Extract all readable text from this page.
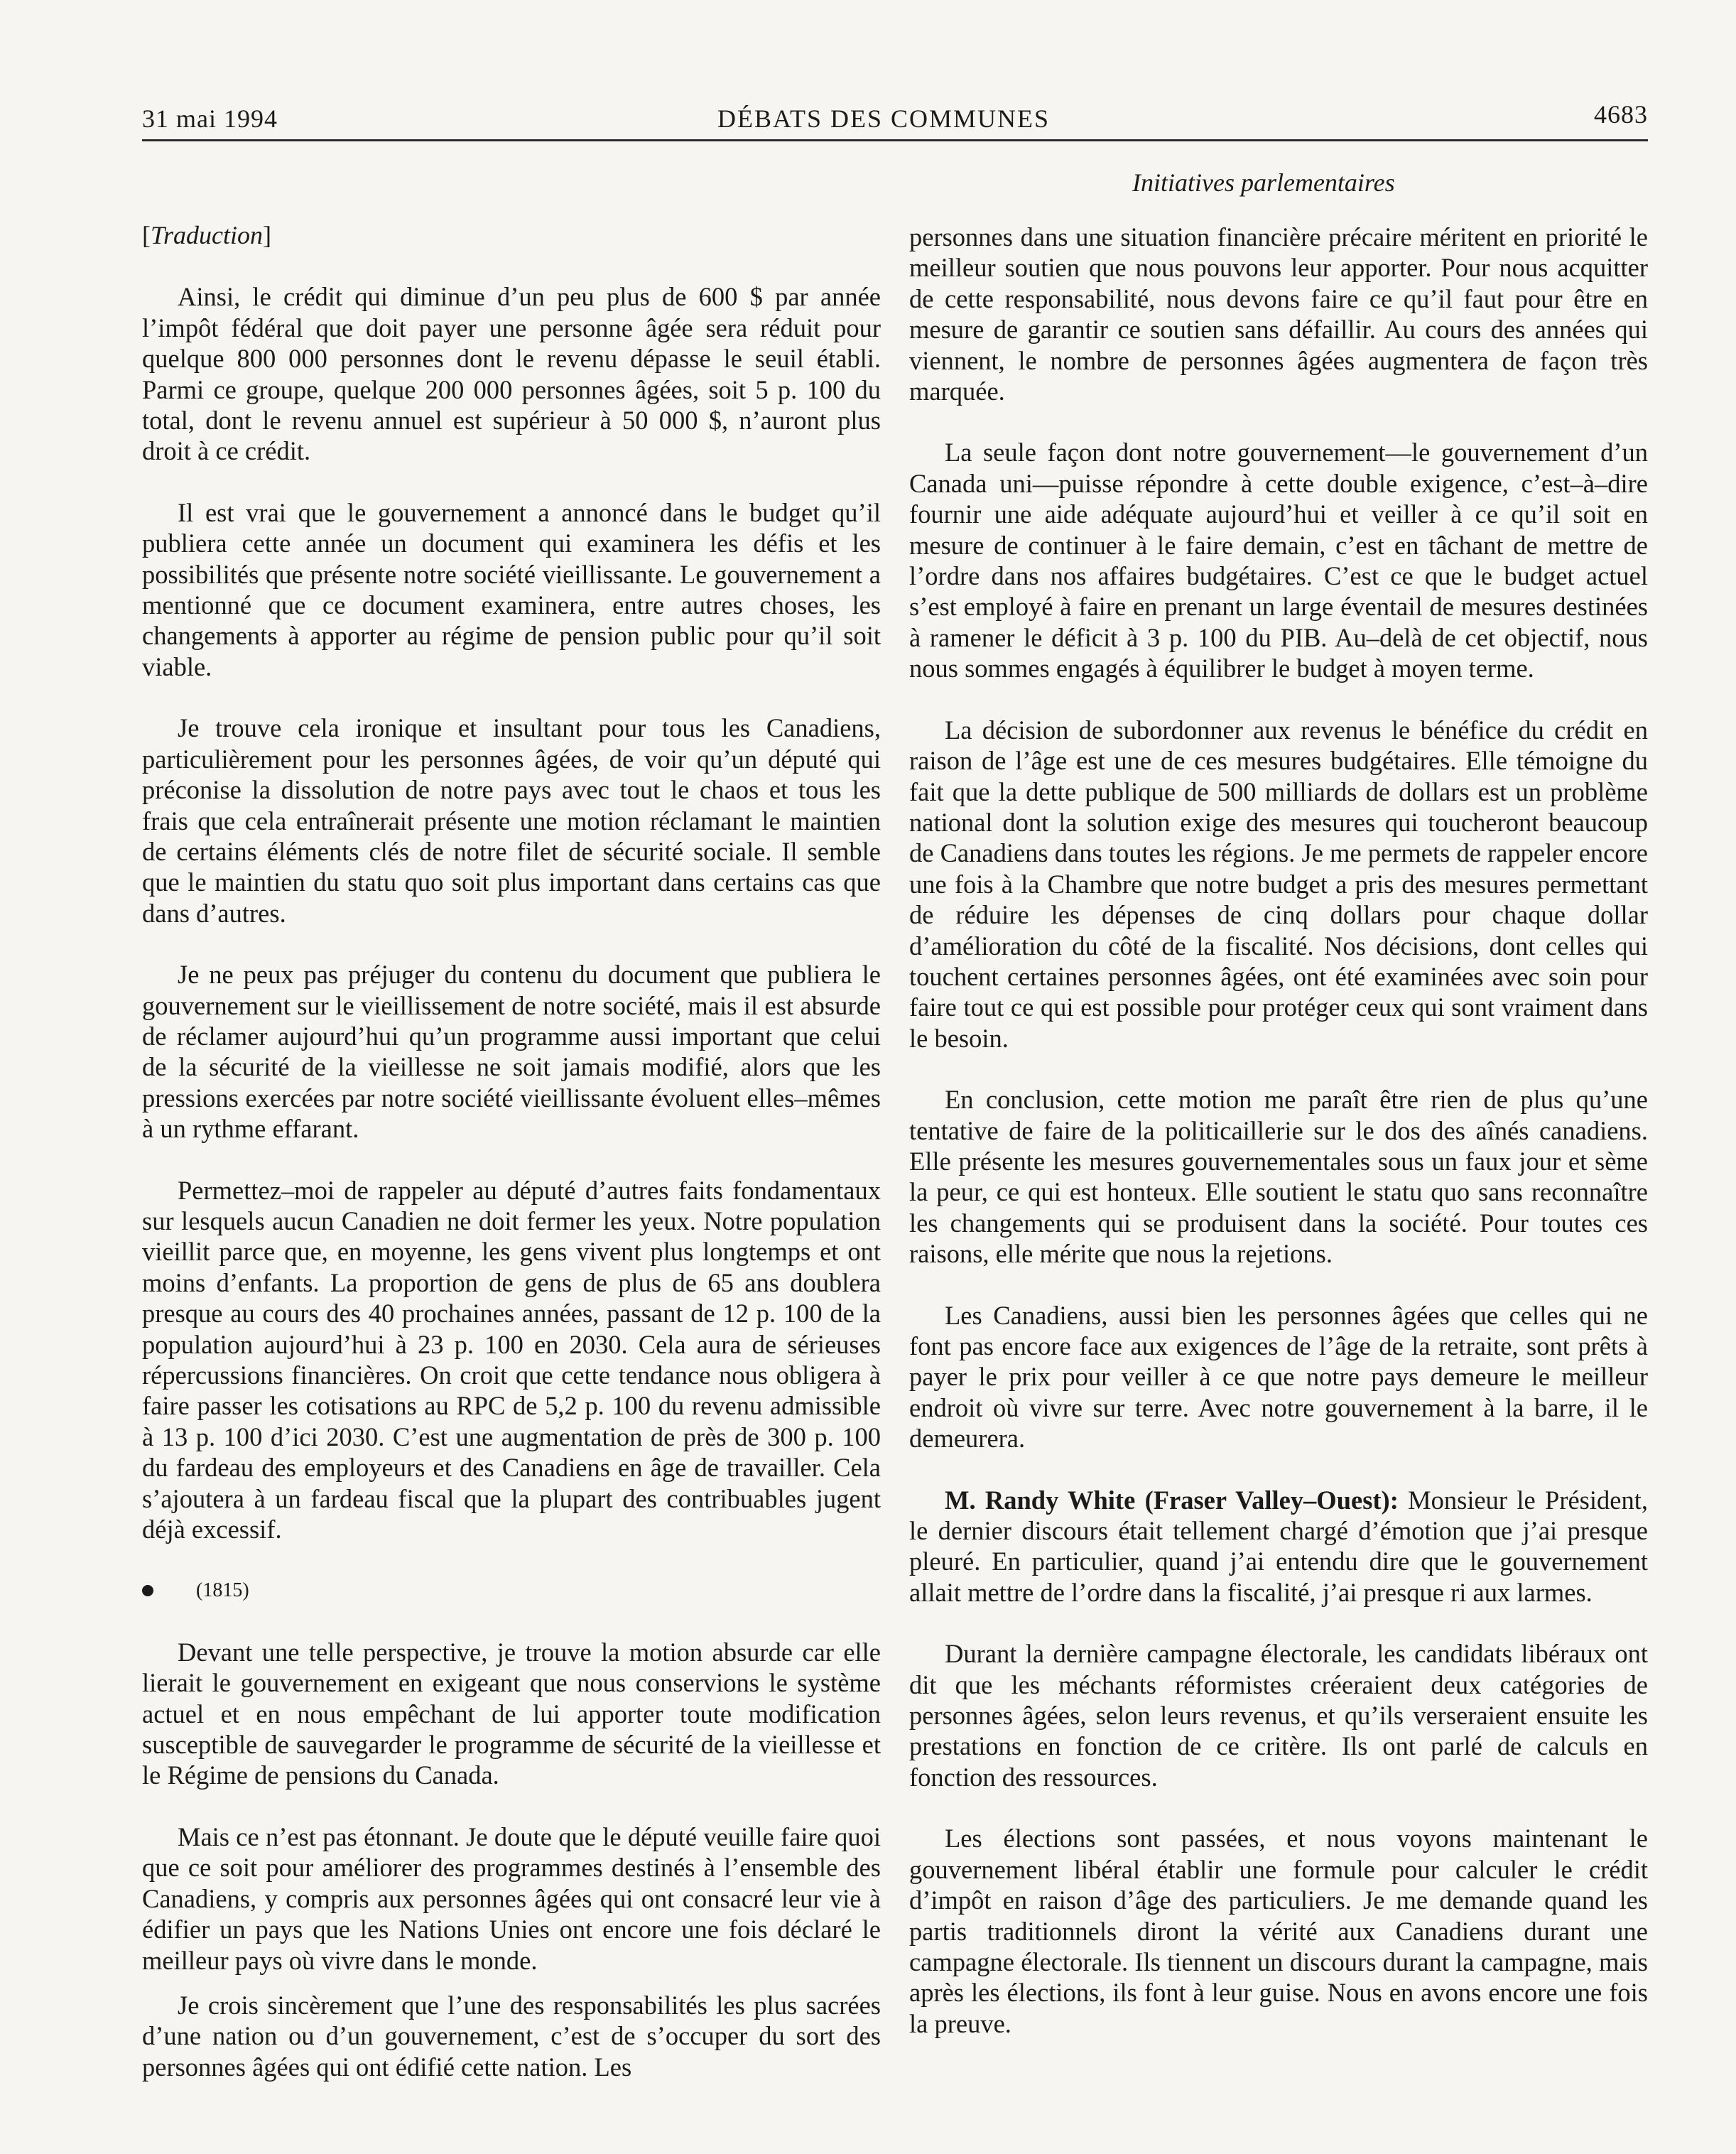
31 mai 1994	DÉBATS DES COMMUNES	4683
Initiatives parlementaires

[Traduction]

Ainsi, le crédit qui diminue d’un peu plus de 600 $ par année l’impôt fédéral que doit payer une personne âgée sera réduit pour quelque 800 000 personnes dont le revenu dépasse le seuil établi. Parmi ce groupe, quelque 200 000 personnes âgées, soit 5 p. 100 du total, dont le revenu annuel est supérieur à 50 000 $, n’auront plus droit à ce crédit.

Il est vrai que le gouvernement a annoncé dans le budget qu’il publiera cette année un document qui examinera les défis et les possibilités que présente notre société vieillissante. Le gouvernement a mentionné que ce document examinera, entre autres choses, les changements à apporter au régime de pension public pour qu’il soit viable.

Je trouve cela ironique et insultant pour tous les Canadiens, particulièrement pour les personnes âgées, de voir qu’un député qui préconise la dissolution de notre pays avec tout le chaos et tous les frais que cela entraînerait présente une motion réclamant le maintien de certains éléments clés de notre filet de sécurité sociale. Il semble que le maintien du statu quo soit plus important dans certains cas que dans d’autres.

Je ne peux pas préjuger du contenu du document que publiera le gouvernement sur le vieillissement de notre société, mais il est absurde de réclamer aujourd’hui qu’un programme aussi important que celui de la sécurité de la vieillesse ne soit jamais modifié, alors que les pressions exercées par notre société vieillissante évoluent elles–mêmes à un rythme effarant.

Permettez–moi de rappeler au député d’autres faits fondamentaux sur lesquels aucun Canadien ne doit fermer les yeux. Notre population vieillit parce que, en moyenne, les gens vivent plus longtemps et ont moins d’enfants. La proportion de gens de plus de 65 ans doublera presque au cours des 40 prochaines années, passant de 12 p. 100 de la population aujourd’hui à 23 p. 100 en 2030. Cela aura de sérieuses répercussions financières. On croit que cette tendance nous obligera à faire passer les cotisations au RPC de 5,2 p. 100 du revenu admissible à 13 p. 100 d’ici 2030. C’est une augmentation de près de 300 p. 100 du fardeau des employeurs et des Canadiens en âge de travailler. Cela s’ajoutera à un fardeau fiscal que la plupart des contribuables jugent déjà excessif.

(1815)

Devant une telle perspective, je trouve la motion absurde car elle lierait le gouvernement en exigeant que nous conservions le système actuel et en nous empêchant de lui apporter toute modification susceptible de sauvegarder le programme de sécurité de la vieillesse et le Régime de pensions du Canada.

Mais ce n’est pas étonnant. Je doute que le député veuille faire quoi que ce soit pour améliorer des programmes destinés à l’ensemble des Canadiens, y compris aux personnes âgées qui ont consacré leur vie à édifier un pays que les Nations Unies ont encore une fois déclaré le meilleur pays où vivre dans le monde.

Je crois sincèrement que l’une des responsabilités les plus sacrées d’une nation ou d’un gouvernement, c’est de s’occuper du sort des personnes âgées qui ont édifié cette nation. Les

personnes dans une situation financière précaire méritent en priorité le meilleur soutien que nous pouvons leur apporter. Pour nous acquitter de cette responsabilité, nous devons faire ce qu’il faut pour être en mesure de garantir ce soutien sans défaillir. Au cours des années qui viennent, le nombre de personnes âgées augmentera de façon très marquée.

La seule façon dont notre gouvernement—le gouvernement d’un Canada uni—puisse répondre à cette double exigence, c’est–à–dire fournir une aide adéquate aujourd’hui et veiller à ce qu’il soit en mesure de continuer à le faire demain, c’est en tâchant de mettre de l’ordre dans nos affaires budgétaires. C’est ce que le budget actuel s’est employé à faire en prenant un large éventail de mesures destinées à ramener le déficit à 3 p. 100 du PIB. Au–delà de cet objectif, nous nous sommes engagés à équilibrer le budget à moyen terme.

La décision de subordonner aux revenus le bénéfice du crédit en raison de l’âge est une de ces mesures budgétaires. Elle témoigne du fait que la dette publique de 500 milliards de dollars est un problème national dont la solution exige des mesures qui toucheront beaucoup de Canadiens dans toutes les régions. Je me permets de rappeler encore une fois à la Chambre que notre budget a pris des mesures permettant de réduire les dépenses de cinq dollars pour chaque dollar d’amélioration du côté de la fiscalité. Nos décisions, dont celles qui touchent certaines personnes âgées, ont été examinées avec soin pour faire tout ce qui est possible pour protéger ceux qui sont vraiment dans le besoin.

En conclusion, cette motion me paraît être rien de plus qu’une tentative de faire de la politicaillerie sur le dos des aînés canadiens. Elle présente les mesures gouvernementales sous un faux jour et sème la peur, ce qui est honteux. Elle soutient le statu quo sans reconnaître les changements qui se produisent dans la société. Pour toutes ces raisons, elle mérite que nous la rejetions.

Les Canadiens, aussi bien les personnes âgées que celles qui ne font pas encore face aux exigences de l’âge de la retraite, sont prêts à payer le prix pour veiller à ce que notre pays demeure le meilleur endroit où vivre sur terre. Avec notre gouvernement à la barre, il le demeurera.

M. Randy White (Fraser Valley–Ouest): Monsieur le Président, le dernier discours était tellement chargé d’émotion que j’ai presque pleuré. En particulier, quand j’ai entendu dire que le gouvernement allait mettre de l’ordre dans la fiscalité, j’ai presque ri aux larmes.

Durant la dernière campagne électorale, les candidats libéraux ont dit que les méchants réformistes créeraient deux catégories de personnes âgées, selon leurs revenus, et qu’ils verseraient ensuite les prestations en fonction de ce critère. Ils ont parlé de calculs en fonction des ressources.

Les élections sont passées, et nous voyons maintenant le gouvernement libéral établir une formule pour calculer le crédit d’impôt en raison d’âge des particuliers. Je me demande quand les partis traditionnels diront la vérité aux Canadiens durant une campagne électorale. Ils tiennent un discours durant la campagne, mais après les élections, ils font à leur guise. Nous en avons encore une fois la preuve.
